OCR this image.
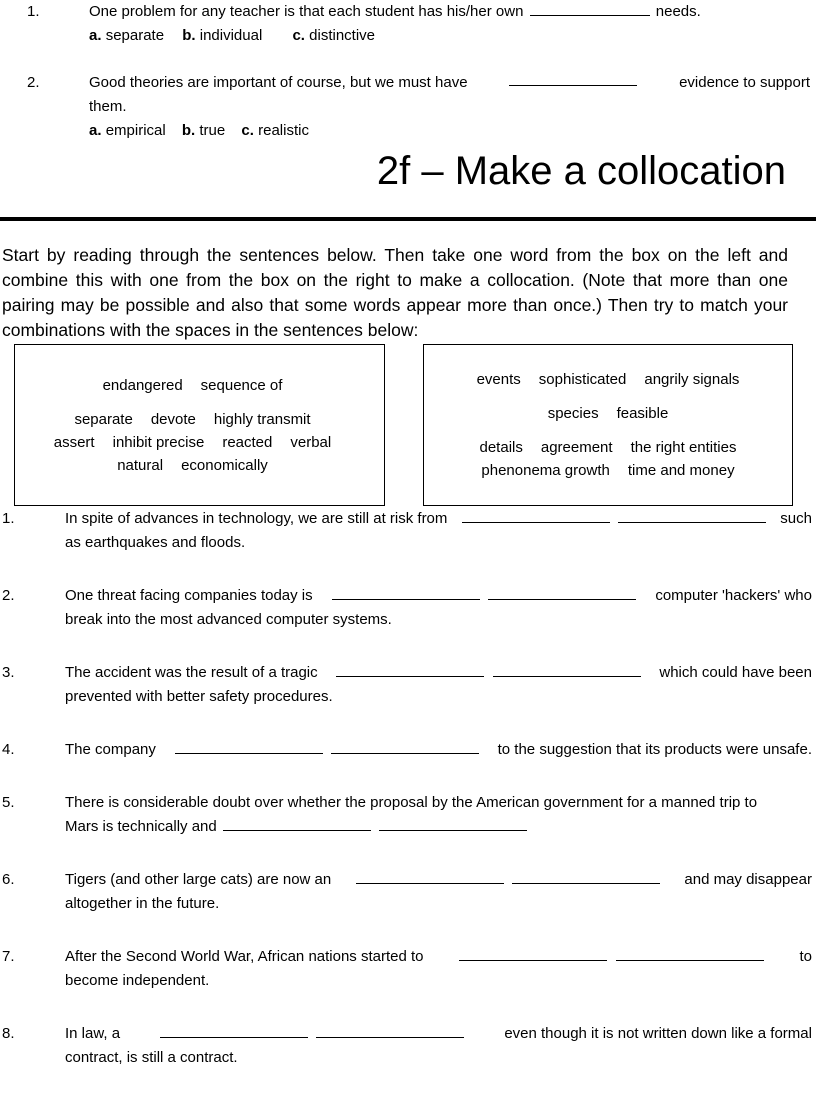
1.	One problem for any teacher is that each student has his/her own	needs.
a. separate b. individual c. distinctive
2.	Good theories are important of course, but we must have	evidence to support
them.
a. empirical b. true c. realistic
2f – Make a collocation
Start by reading through the sentences below. Then take one word from the box on the left and combine this with one from the box on the right to make a collocation. (Note that more than one pairing may be possible and also that some words appear more than once.) Then try to match your combinations with the spaces in the sentences below:
endangered sequence of
separate devote highly transmit
assert inhibit precise reacted verbal
natural economically
events sophisticated angrily signals
species feasible
details agreement the right entities
phenonema growth time and money
1.	In spite of advances in technology, we are still at risk from
	such
as earthquakes and floods.
2.	One threat facing companies today is
	computer 'hackers' who
break into the most advanced computer systems.
3.	The accident was the result of a tragic
	which could have been
prevented with better safety procedures.
4.	The company
	to the suggestion that its products were unsafe.
5.	There is considerable doubt over whether the proposal by the American government for a manned trip to
Mars is technically and
6.	Tigers (and other large cats) are now an
	and may disappear
altogether in the future.
7.	After the Second World War, African nations started to
	to
become independent.
8.	In law, a
	even though it is not written down like a formal
contract, is still a contract.
